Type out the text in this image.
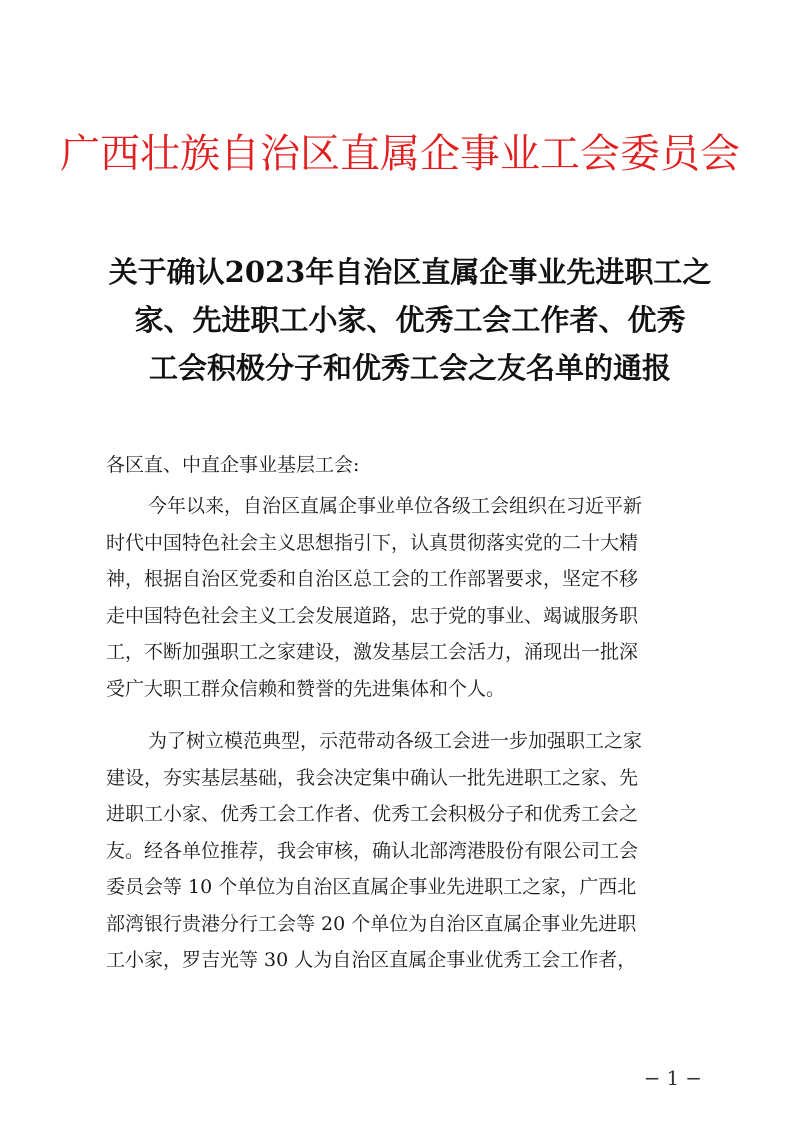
广西壮族自治区直属企事业工会委员会
关于确认2023年自治区直属企事业先进职工之
家、先进职工小家、优秀工会工作者、优秀
工会积极分子和优秀工会之友名单的通报

各区直、中直企事业基层工会:

今年以来，自治区直属企事业单位各级工会组织在习近平新
时代中国特色社会主义思想指引下，认真贯彻落实党的二十大精
神，根据自治区党委和自治区总工会的工作部署要求，坚定不移
走中国特色社会主义工会发展道路，忠于党的事业、竭诚服务职
工，不断加强职工之家建设，激发基层工会活力，涌现出一批深
受广大职工群众信赖和赞誉的先进集体和个人。

为了树立模范典型，示范带动各级工会进一步加强职工之家
建设，夯实基层基础，我会决定集中确认一批先进职工之家、先
进职工小家、优秀工会工作者、优秀工会积极分子和优秀工会之
友。经各单位推荐，我会审核，确认北部湾港股份有限公司工会
委员会等 10 个单位为自治区直属企事业先进职工之家，广西北
部湾银行贵港分行工会等 20 个单位为自治区直属企事业先进职
工小家，罗吉光等 30 人为自治区直属企事业优秀工会工作者，

− 1 −
